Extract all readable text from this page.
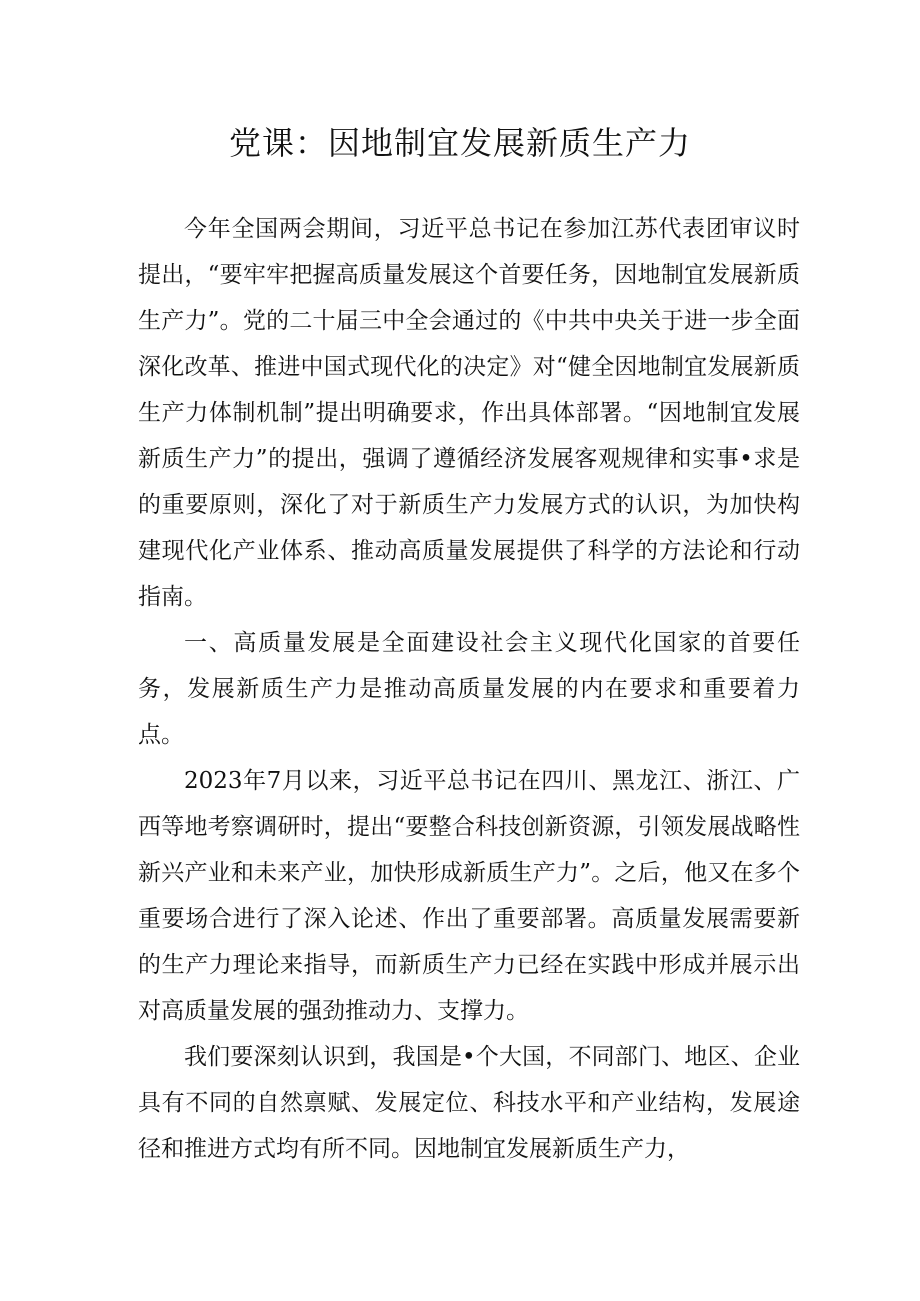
党课：因地制宜发展新质生产力

今年全国两会期间，习近平总书记在参加江苏代表团审议时提出，“要牢牢把握高质量发展这个首要任务，因地制宜发展新质生产力”。党的二十届三中全会通过的《中共中央关于进一步全面深化改革、推进中国式现代化的决定》对“健全因地制宜发展新质生产力体制机制”提出明确要求，作出具体部署。“因地制宜发展新质生产力”的提出，强调了遵循经济发展客观规律和实事•求是的重要原则，深化了对于新质生产力发展方式的认识，为加快构建现代化产业体系、推动高质量发展提供了科学的方法论和行动指南。

一、高质量发展是全面建设社会主义现代化国家的首要任务，发展新质生产力是推动高质量发展的内在要求和重要着力点。

2023年7月以来，习近平总书记在四川、黑龙江、浙江、广西等地考察调研时，提出“要整合科技创新资源，引领发展战略性新兴产业和未来产业，加快形成新质生产力”。之后，他又在多个重要场合进行了深入论述、作出了重要部署。高质量发展需要新的生产力理论来指导，而新质生产力已经在实践中形成并展示出对高质量发展的强劲推动力、支撑力。

我们要深刻认识到，我国是•个大国，不同部门、地区、企业具有不同的自然禀赋、发展定位、科技水平和产业结构，发展途径和推进方式均有所不同。因地制宜发展新质生产力，
